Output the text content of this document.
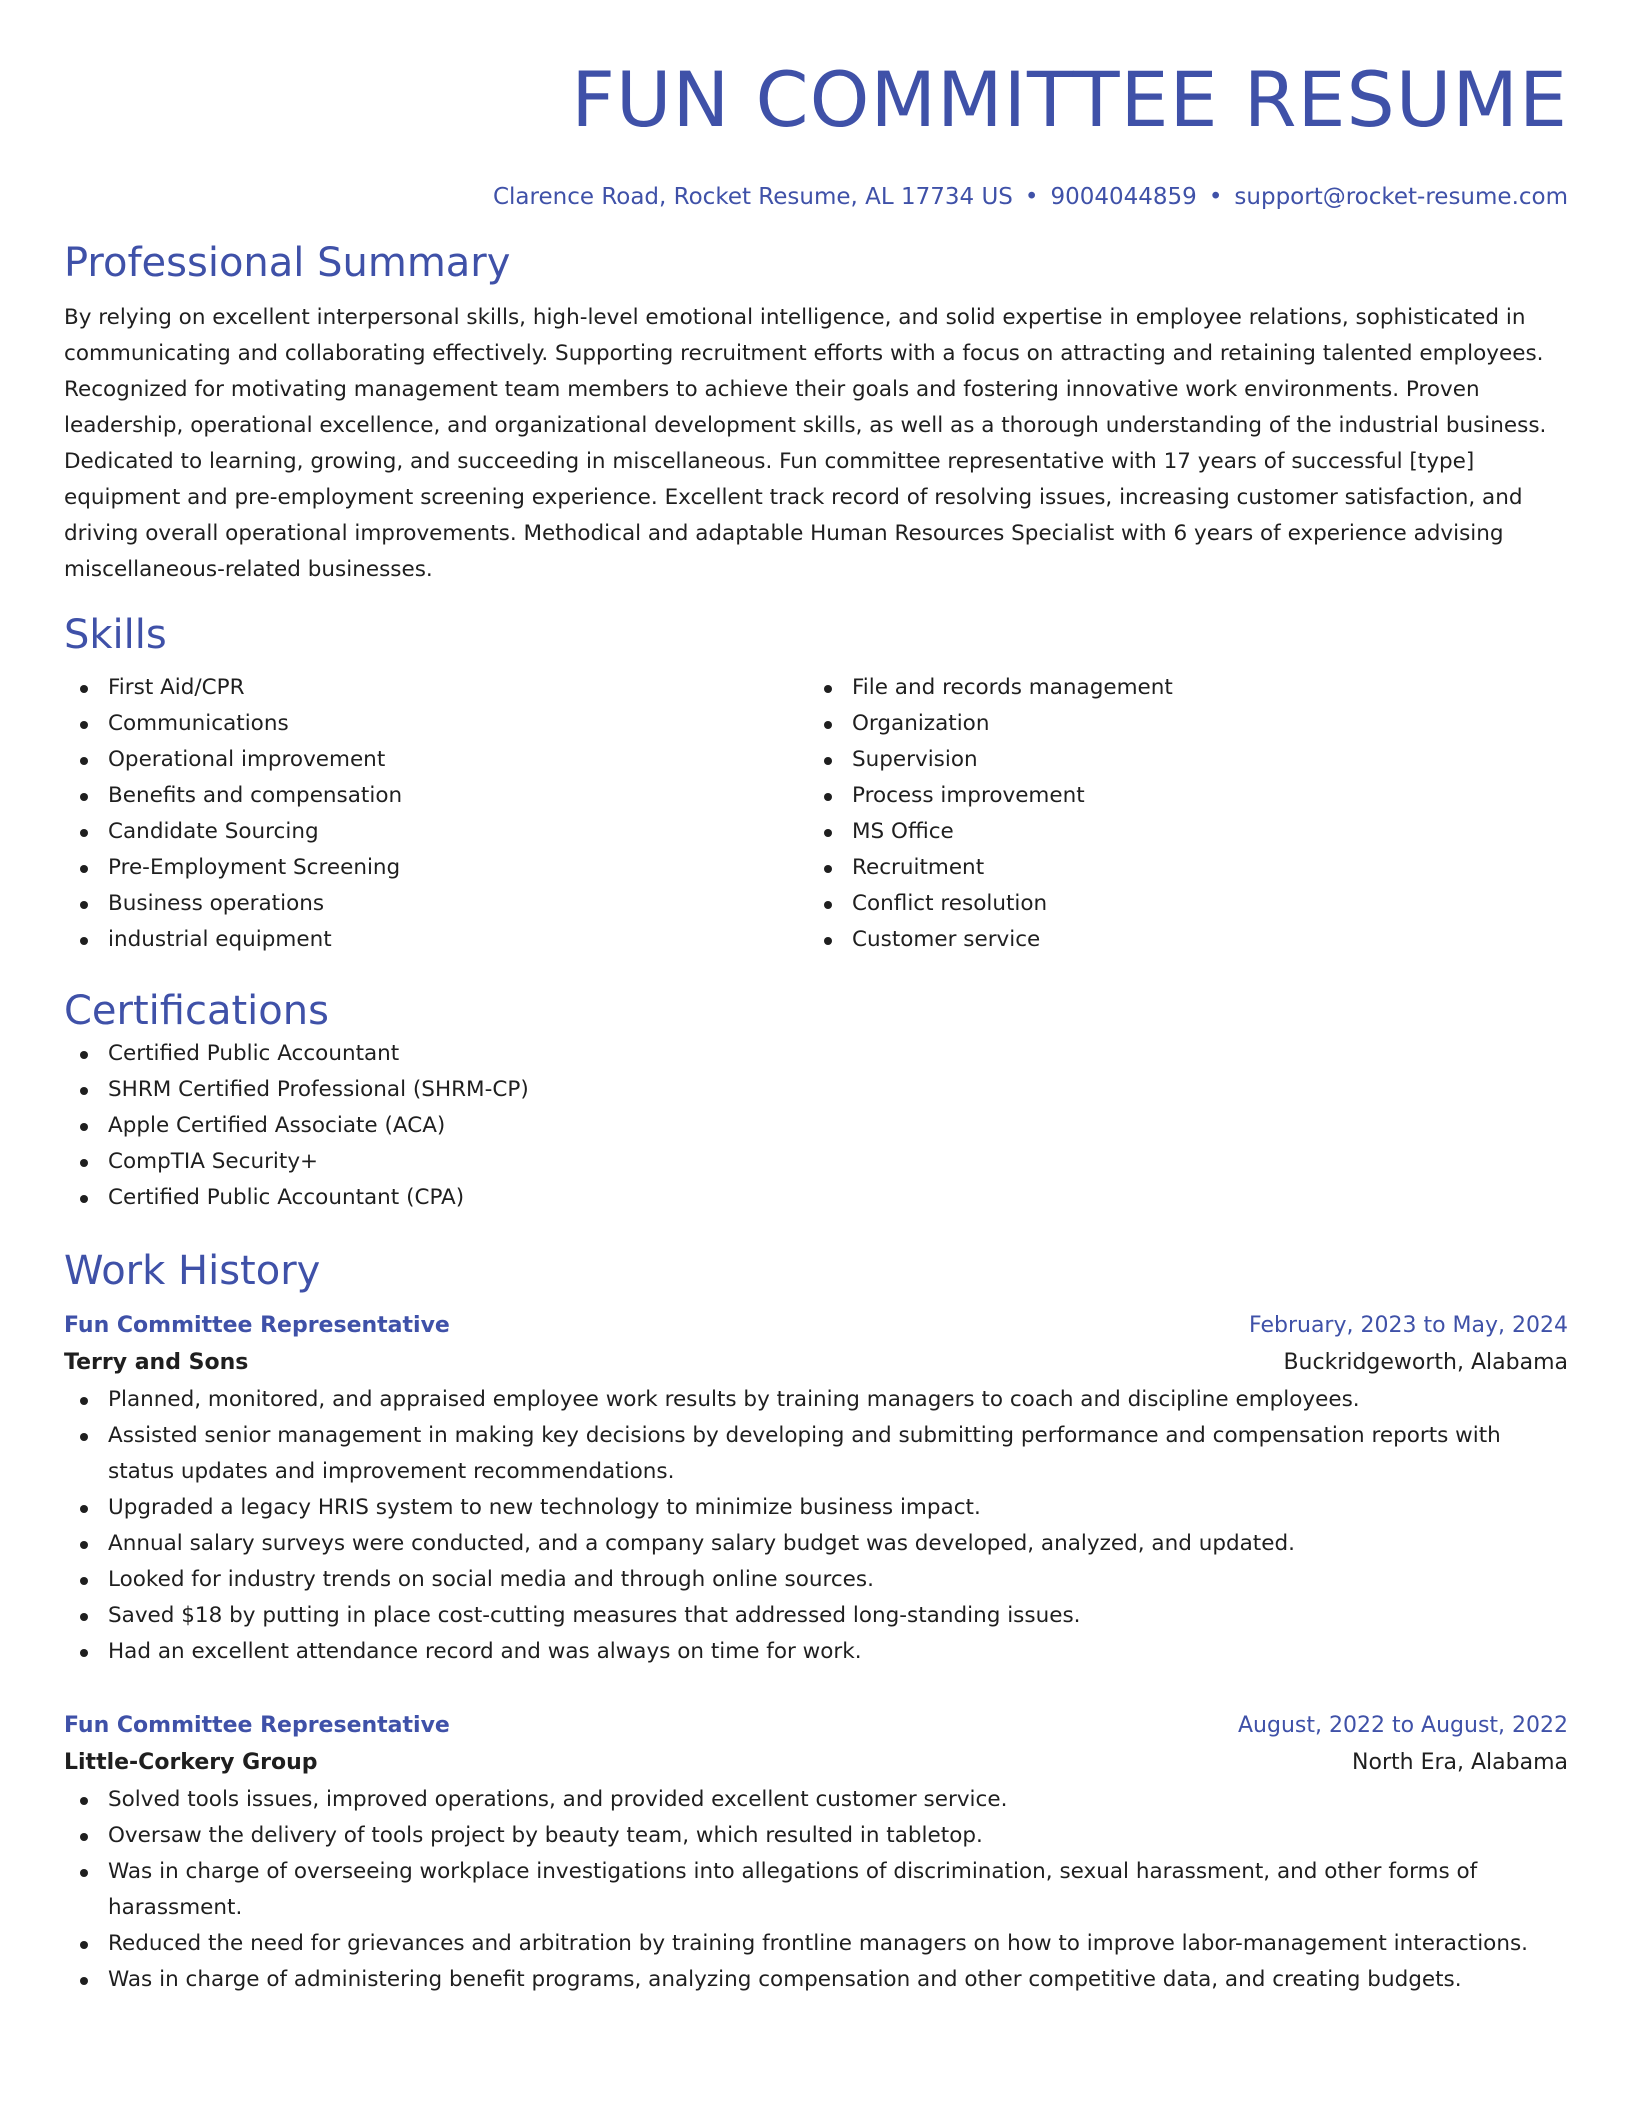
FUN COMMITTEE RESUME
Clarence Road, Rocket Resume, AL 17734 US • 9004044859 • support@rocket-resume.com
Professional Summary

By relying on excellent interpersonal skills, high-level emotional intelligence, and solid expertise in employee relations, sophisticated in communicating and collaborating effectively. Supporting recruitment efforts with a focus on attracting and retaining talented employees. Recognized for motivating management team members to achieve their goals and fostering innovative work environments. Proven leadership, operational excellence, and organizational development skills, as well as a thorough understanding of the industrial business. Dedicated to learning, growing, and succeeding in miscellaneous. Fun committee representative with 17 years of successful [type] equipment and pre-employment screening experience. Excellent track record of resolving issues, increasing customer satisfaction, and driving overall operational improvements. Methodical and adaptable Human Resources Specialist with 6 years of experience advising miscellaneous-related businesses.

Skills
First Aid/CPR
Communications
Operational improvement
Benefits and compensation
Candidate Sourcing
Pre-Employment Screening
Business operations
industrial equipment
File and records management
Organization
Supervision
Process improvement
MS Office
Recruitment
Conflict resolution
Customer service
Certifications
Certified Public Accountant
SHRM Certified Professional (SHRM-CP)
Apple Certified Associate (ACA)
CompTIA Security+
Certified Public Accountant (CPA)
Work History
Fun Committee Representative	February, 2023 to May, 2024
Terry and Sons	Buckridgeworth, Alabama
Planned, monitored, and appraised employee work results by training managers to coach and discipline employees.
Assisted senior management in making key decisions by developing and submitting performance and compensation reports with status updates and improvement recommendations.
Upgraded a legacy HRIS system to new technology to minimize business impact.
Annual salary surveys were conducted, and a company salary budget was developed, analyzed, and updated.
Looked for industry trends on social media and through online sources.
Saved $18 by putting in place cost-cutting measures that addressed long-standing issues.
Had an excellent attendance record and was always on time for work.
Fun Committee Representative	August, 2022 to August, 2022
Little-Corkery Group	North Era, Alabama
Solved tools issues, improved operations, and provided excellent customer service.
Oversaw the delivery of tools project by beauty team, which resulted in tabletop.
Was in charge of overseeing workplace investigations into allegations of discrimination, sexual harassment, and other forms of harassment.
Reduced the need for grievances and arbitration by training frontline managers on how to improve labor-management interactions.
Was in charge of administering benefit programs, analyzing compensation and other competitive data, and creating budgets.
